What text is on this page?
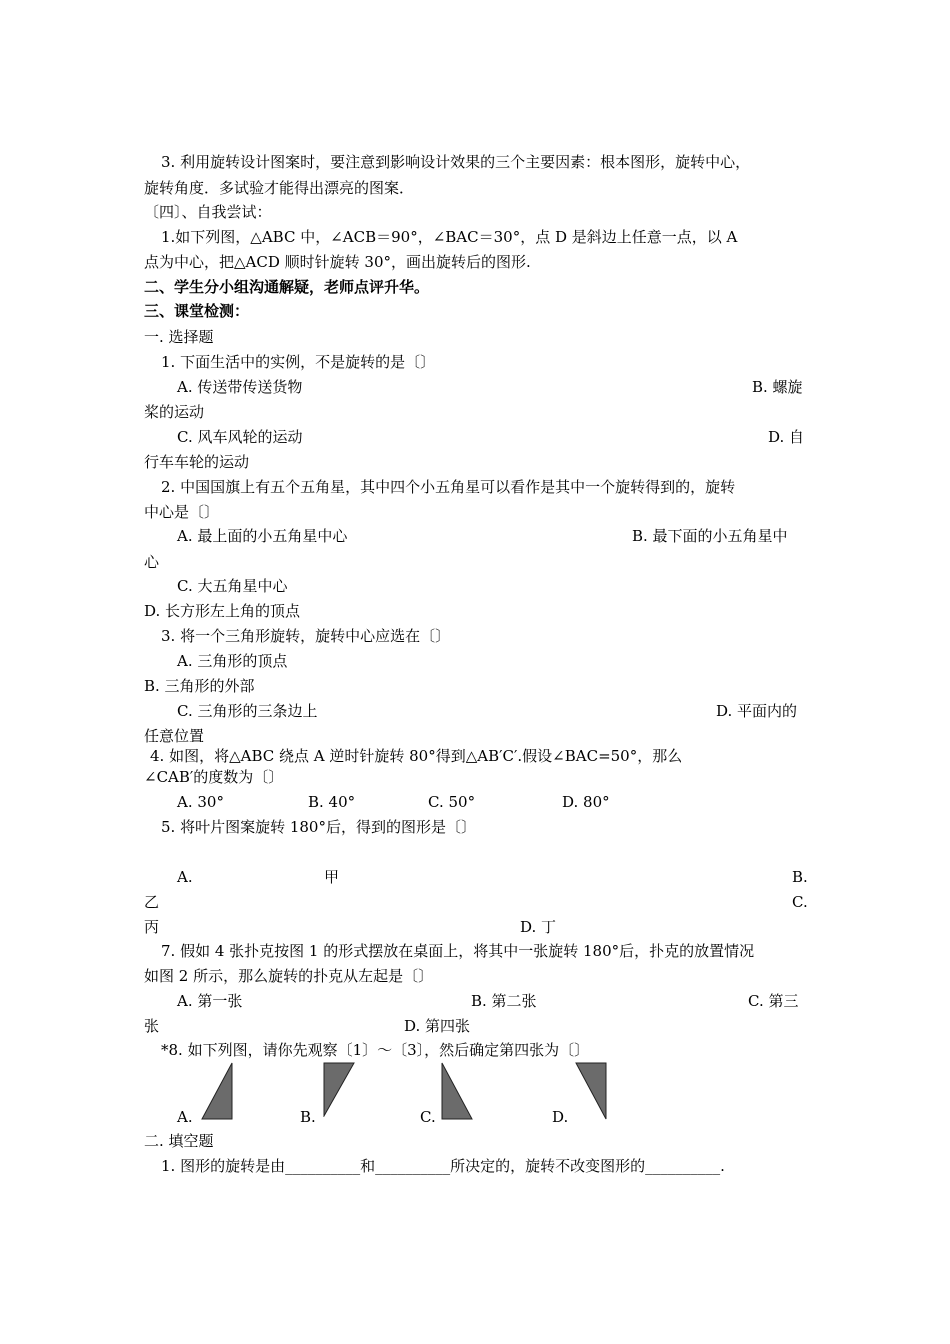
3. 利用旋转设计图案时，要注意到影响设计效果的三个主要因素：根本图形，旋转中心，
旋转角度．多试验才能得出漂亮的图案．
〔四〕、自我尝试：
1.如下列图，△ABC 中，∠ACB＝90°，∠BAC＝30°，点 D 是斜边上任意一点，以 A
点为中心，把△ACD 顺时针旋转 30°，画出旋转后的图形.
二、学生分小组沟通解疑，老师点评升华。
三、课堂检测：
一. 选择题
1. 下面生活中的实例，不是旋转的是〔〕
A. 传送带传送货物	B. 螺旋
桨的运动
C. 风车风轮的运动	D. 自
行车车轮的运动
2. 中国国旗上有五个五角星，其中四个小五角星可以看作是其中一个旋转得到的，旋转
中心是〔〕
A. 最上面的小五角星中心	B. 最下面的小五角星中
心
C. 大五角星中心
D. 长方形左上角的顶点
3. 将一个三角形旋转，旋转中心应选在〔〕
A. 三角形的顶点
B. 三角形的外部
C. 三角形的三条边上	D. 平面内的
任意位置
4. 如图，将△ABC 绕点 A 逆时针旋转 80°得到△AB′C′.假设∠BAC=50°，那么
∠CAB′的度数为〔〕
A. 30°	B. 40°	C. 50°	D. 80°
5. 将叶片图案旋转 180°后，得到的图形是〔〕
A.	甲	B.
乙	C.
丙	D. 丁
7. 假如 4 张扑克按图 1 的形式摆放在桌面上，将其中一张旋转 180°后，扑克的放置情况
如图 2 所示，那么旋转的扑克从左起是〔〕
A. 第一张	B. 第二张	C. 第三
张	D. 第四张
*8. 如下列图，请你先观察〔1〕～〔3〕，然后确定第四张为〔〕
A.	B.	C.	D.
二. 填空题
1. 图形的旋转是由__________和__________所决定的，旋转不改变图形的__________.
